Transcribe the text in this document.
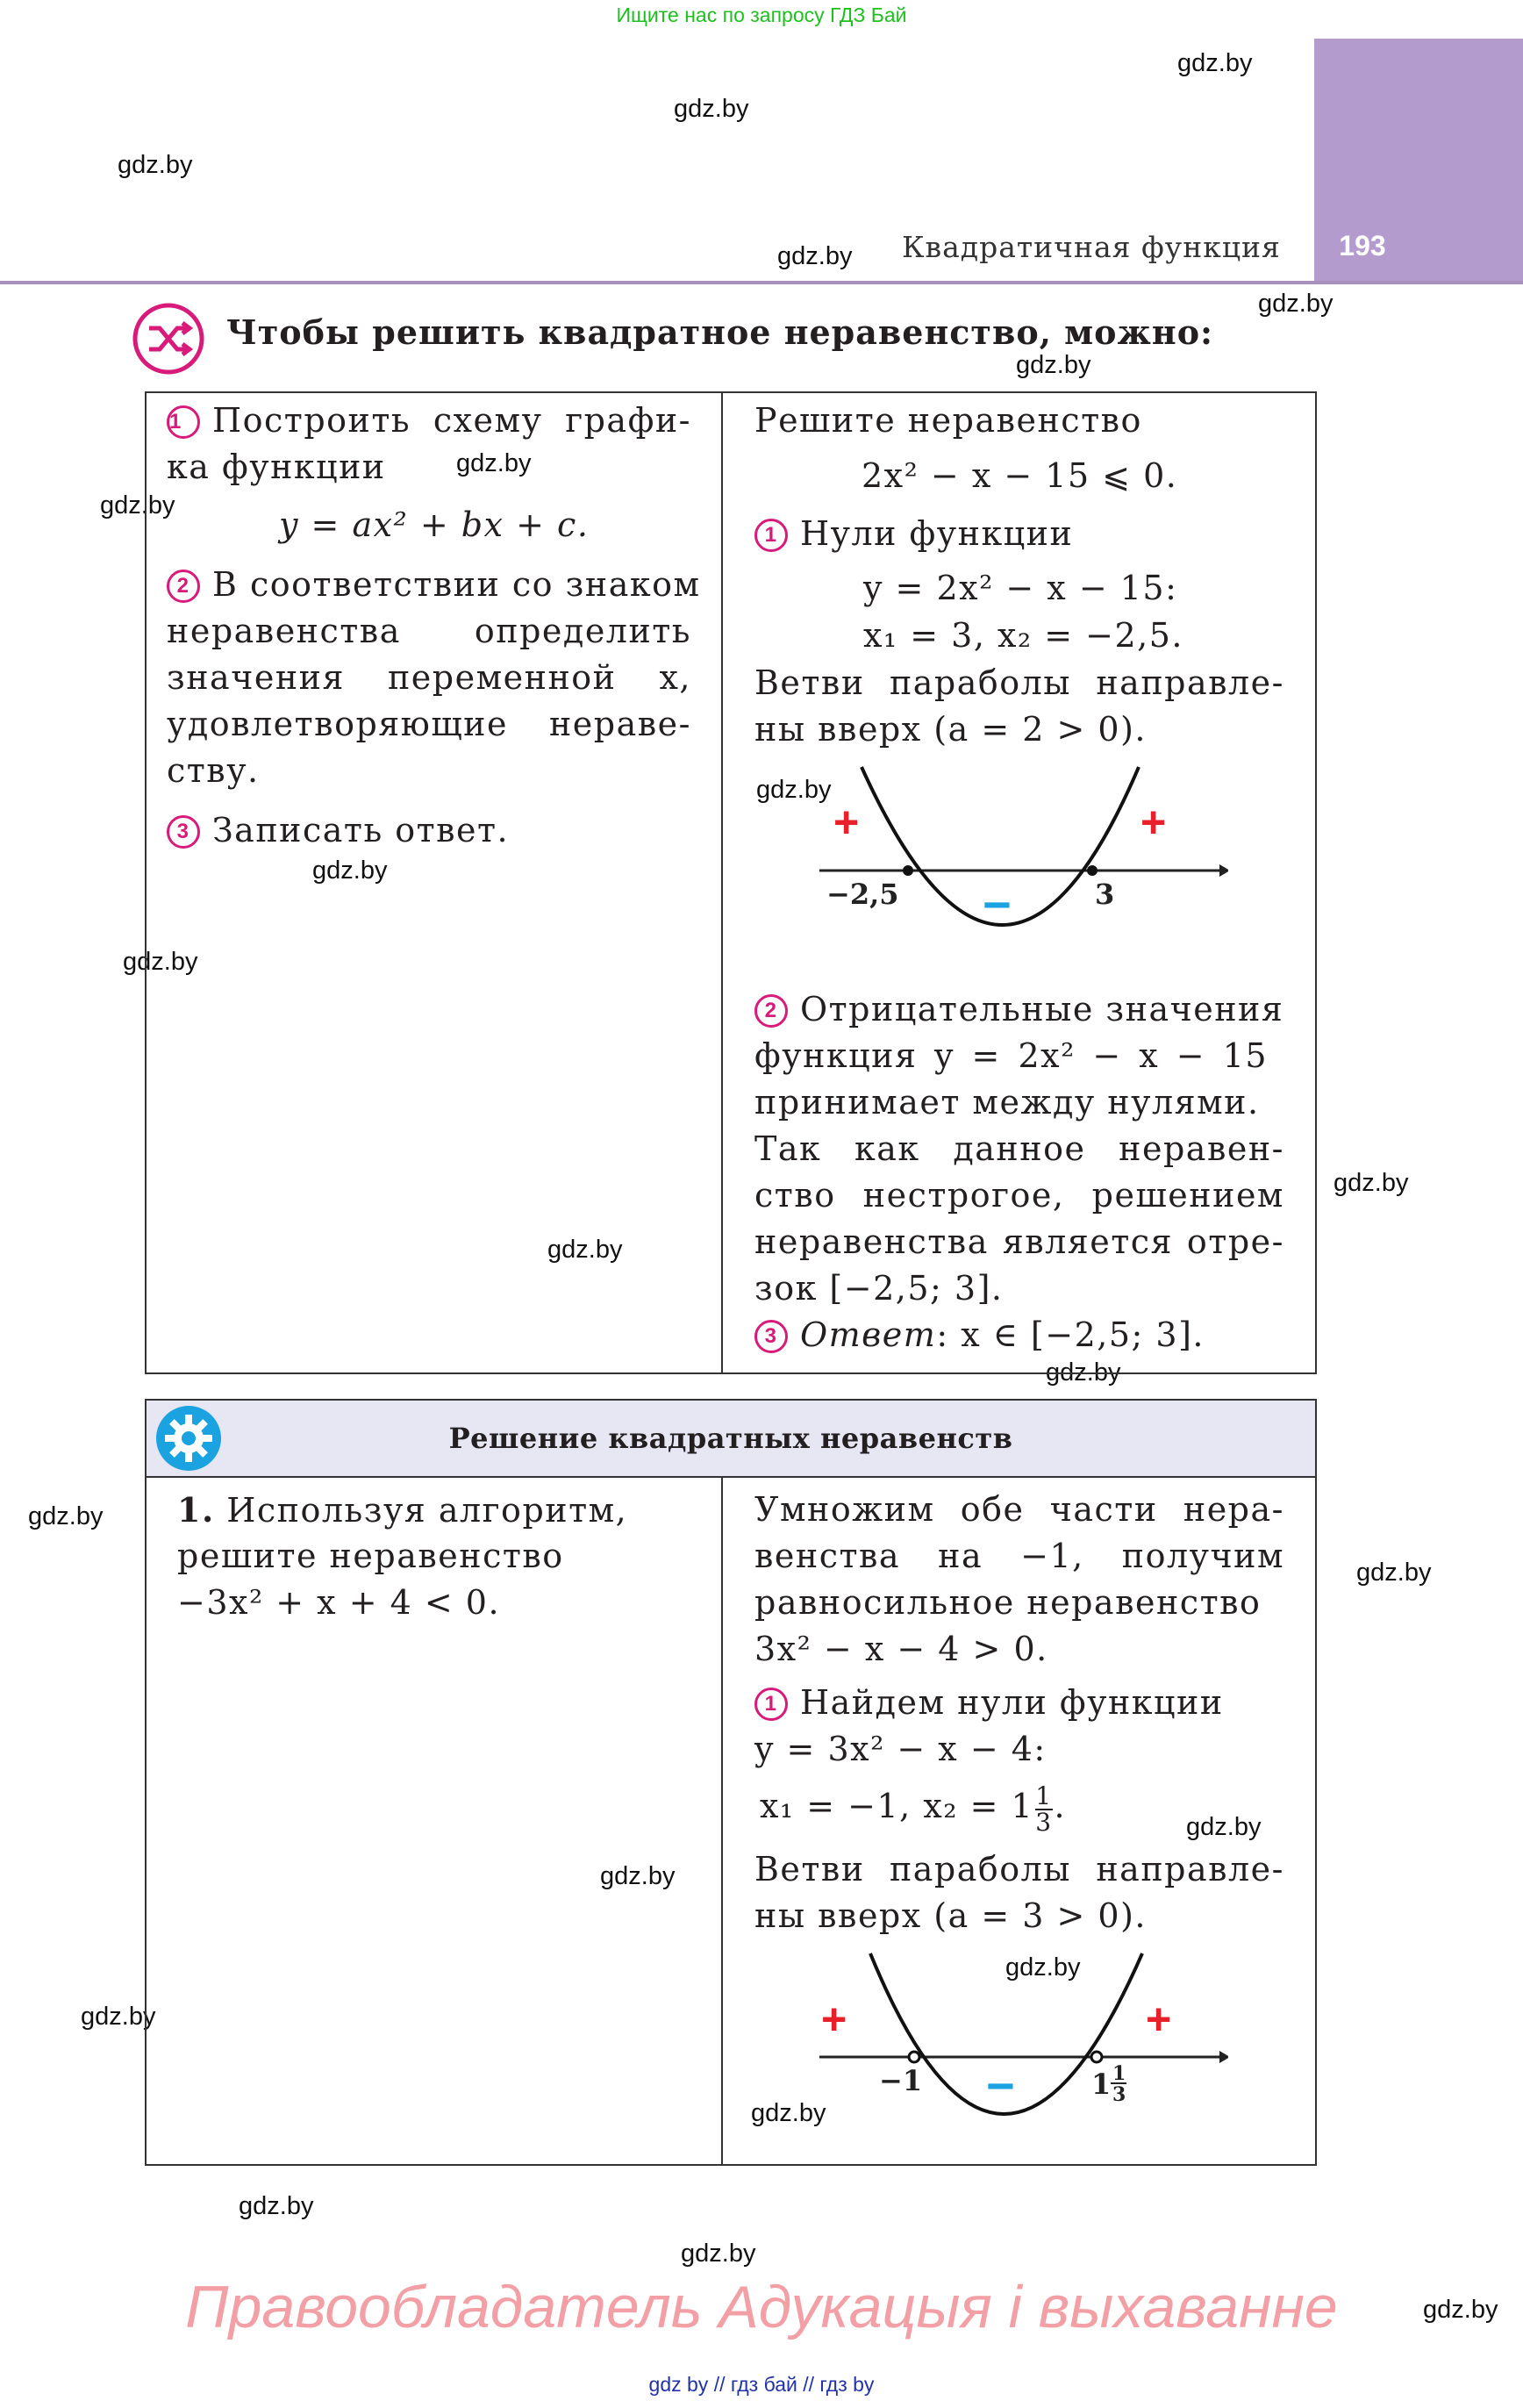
Ищите нас по запросу ГДЗ Бай
193
Квадратичная функция
gdz.by
gdz.by
gdz.by
gdz.by
gdz.by
gdz.by
gdz.by
gdz.by
gdz.by
gdz.by
gdz.by
gdz.by
gdz.by
gdz.by
gdz.by
gdz.by
gdz.by
gdz.by
gdz.by
gdz.by
gdz.by
gdz.by
gdz.by
gdz.by
Чтобы решить квадратное неравенство, можно:
1 Построить схему графи-
ка функции
y = ax² + bx + c.
2 В соответствии со знаком
неравенства определить
значения переменной x,
удовлетворяющие нераве-
ству.
3 Записать ответ.
Решите неравенство
2x² − x − 15 ⩽ 0.
1 Нули функции
y = 2x² − x − 15:
x₁ = 3, x₂ = −2,5.
Ветви параболы направле-
ны вверх (a = 2 > 0).
+	+
−
−2,5	3
2 Отрицательные значения
функция y = 2x² − x − 15
принимает между нулями.
Так как данное неравен-
ство нестрогое, решением
неравенства является отре-
зок [−2,5; 3].
3 Ответ: x ∈ [−2,5; 3].
Решение квадратных неравенств
1. Используя алгоритм,
решите неравенство
−3x² + x + 4 < 0.
Умножим обе части нера-
венства на −1, получим
равносильное неравенство
3x² − x − 4 > 0.
1 Найдем нули функции
y = 3x² − x − 4:
x₁ = −1, $x_2 = 1 \frac{1}{3}$ .
Ветви параболы направле-
ны вверх (a = 3 > 0).
+	+
−
−1	1 1
3
Правообладатель Адукацыя і выхаванне
gdz by // гдз бай // гдз by
